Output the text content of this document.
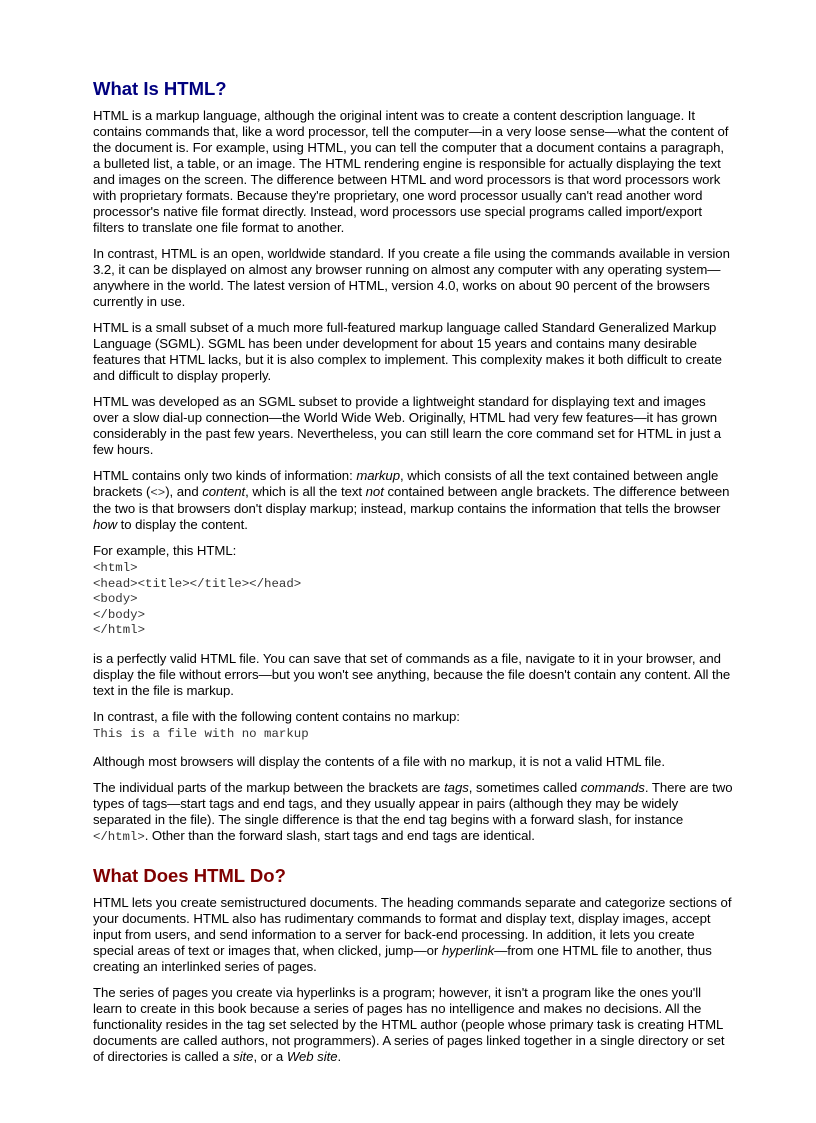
What Is HTML?

HTML is a markup language, although the original intent was to create a content description language. It contains commands that, like a word processor, tell the computer—in a very loose sense—what the content of the document is. For example, using HTML, you can tell the computer that a document contains a paragraph, a bulleted list, a table, or an image. The HTML rendering engine is responsible for actually displaying the text and images on the screen. The difference between HTML and word processors is that word processors work with proprietary formats. Because they're proprietary, one word processor usually can't read another word processor's native file format directly. Instead, word processors use special programs called import/export filters to translate one file format to another.

In contrast, HTML is an open, worldwide standard. If you create a file using the commands available in version 3.2, it can be displayed on almost any browser running on almost any computer with any operating system—anywhere in the world. The latest version of HTML, version 4.0, works on about 90 percent of the browsers currently in use.

HTML is a small subset of a much more full-featured markup language called Standard Generalized Markup Language (SGML). SGML has been under development for about 15 years and contains many desirable features that HTML lacks, but it is also complex to implement. This complexity makes it both difficult to create and difficult to display properly.

HTML was developed as an SGML subset to provide a lightweight standard for displaying text and images over a slow dial-up connection—the World Wide Web. Originally, HTML had very few features—it has grown considerably in the past few years. Nevertheless, you can still learn the core command set for HTML in just a few hours.

HTML contains only two kinds of information: markup, which consists of all the text contained between angle brackets (<>), and content, which is all the text not contained between angle brackets. The difference between the two is that browsers don't display markup; instead, markup contains the information that tells the browser how to display the content.

For example, this HTML:

<html>
<head><title></title></head>
<body>
</body>
</html>

is a perfectly valid HTML file. You can save that set of commands as a file, navigate to it in your browser, and display the file without errors—but you won't see anything, because the file doesn't contain any content. All the text in the file is markup.

In contrast, a file with the following content contains no markup:

This is a file with no markup

Although most browsers will display the contents of a file with no markup, it is not a valid HTML file.

The individual parts of the markup between the brackets are tags, sometimes called commands. There are two types of tags—start tags and end tags, and they usually appear in pairs (although they may be widely separated in the file). The single difference is that the end tag begins with a forward slash, for instance </html>. Other than the forward slash, start tags and end tags are identical.

What Does HTML Do?

HTML lets you create semistructured documents. The heading commands separate and categorize sections of your documents. HTML also has rudimentary commands to format and display text, display images, accept input from users, and send information to a server for back-end processing. In addition, it lets you create special areas of text or images that, when clicked, jump—or hyperlink—from one HTML file to another, thus creating an interlinked series of pages.

The series of pages you create via hyperlinks is a program; however, it isn't a program like the ones you'll learn to create in this book because a series of pages has no intelligence and makes no decisions. All the functionality resides in the tag set selected by the HTML author (people whose primary task is creating HTML documents are called authors, not programmers). A series of pages linked together in a single directory or set of directories is called a site, or a Web site.
